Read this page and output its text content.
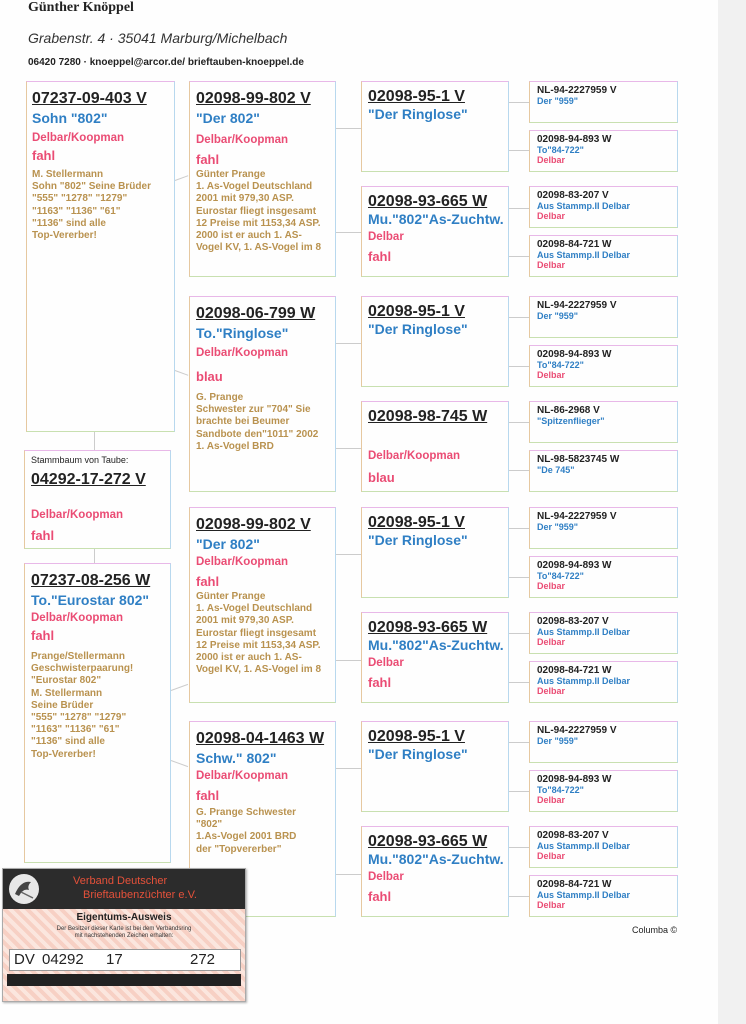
Günther Knöppel
Grabenstr. 4 · 35041 Marburg/Michelbach
06420 7280 · knoeppel@arcor.de/ brieftauben-knoeppel.de
07237-09-403 V
Sohn "802"
Delbar/Koopman
fahl
M. Stellermann
Sohn "802" Seine Brüder
"555" "1278" "1279"
"1163" "1136" "61"
"1136" sind alle
Top-Vererber!
Stammbaum von Taube:
04292-17-272 V
Delbar/Koopman
fahl
07237-08-256 W
To."Eurostar 802"
Delbar/Koopman
fahl
Prange/Stellermann
Geschwisterpaarung!
"Eurostar 802"
M. Stellermann
Seine Brüder
"555" "1278" "1279"
"1163" "1136" "61"
"1136" sind alle
Top-Vererber!
02098-99-802 V
"Der 802"
Delbar/Koopman
fahl
Günter Prange
1. As-Vogel Deutschland
2001 mit 979,30 ASP.
Eurostar fliegt insgesamt
12 Preise mit 1153,34 ASP.
2000 ist er auch 1. AS-
Vogel KV, 1. AS-Vogel im 8
02098-06-799 W
To."Ringlose"
Delbar/Koopman
blau
G. Prange
Schwester zur "704" Sie
brachte bei Beumer
Sandbote den"1011" 2002
1. As-Vogel BRD
02098-99-802 V
"Der 802"
Delbar/Koopman
fahl
Günter Prange
1. As-Vogel Deutschland
2001 mit 979,30 ASP.
Eurostar fliegt insgesamt
12 Preise mit 1153,34 ASP.
2000 ist er auch 1. AS-
Vogel KV, 1. AS-Vogel im 8
02098-04-1463 W
Schw." 802"
Delbar/Koopman
fahl
G. Prange Schwester
"802"
1.As-Vogel 2001 BRD
der "Topvererber"
02098-95-1 V
"Der Ringlose"
02098-93-665 W
Mu."802"As-Zuchtw.
Delbar
fahl
02098-95-1 V
"Der Ringlose"
02098-98-745 W
Delbar/Koopman
blau
02098-95-1 V
"Der Ringlose"
02098-93-665 W
Mu."802"As-Zuchtw.
Delbar
fahl
02098-95-1 V
"Der Ringlose"
02098-93-665 W
Mu."802"As-Zuchtw.
Delbar
fahl
NL-94-2227959 V
Der "959"
02098-94-893 W
To"84-722"
Delbar
02098-83-207 V
Aus Stammp.II Delbar
Delbar
02098-84-721 W
Aus Stammp.II Delbar
Delbar
NL-94-2227959 V
Der "959"
02098-94-893 W
To"84-722"
Delbar
NL-86-2968 V
"Spitzenflieger"
NL-98-5823745 W
"De 745"
NL-94-2227959 V
Der "959"
02098-94-893 W
To"84-722"
Delbar
02098-83-207 V
Aus Stammp.II Delbar
Delbar
02098-84-721 W
Aus Stammp.II Delbar
Delbar
NL-94-2227959 V
Der "959"
02098-94-893 W
To"84-722"
Delbar
02098-83-207 V
Aus Stammp.II Delbar
Delbar
02098-84-721 W
Aus Stammp.II Delbar
Delbar
Columba ©
Verband Deutscher
Brieftaubenzüchter e.V.
Eigentums-Ausweis
Der Besitzer dieser Karte ist bei dem Verbandsring
mit nachstehenden Zeichen erhalten:
DV 04292 17	272
